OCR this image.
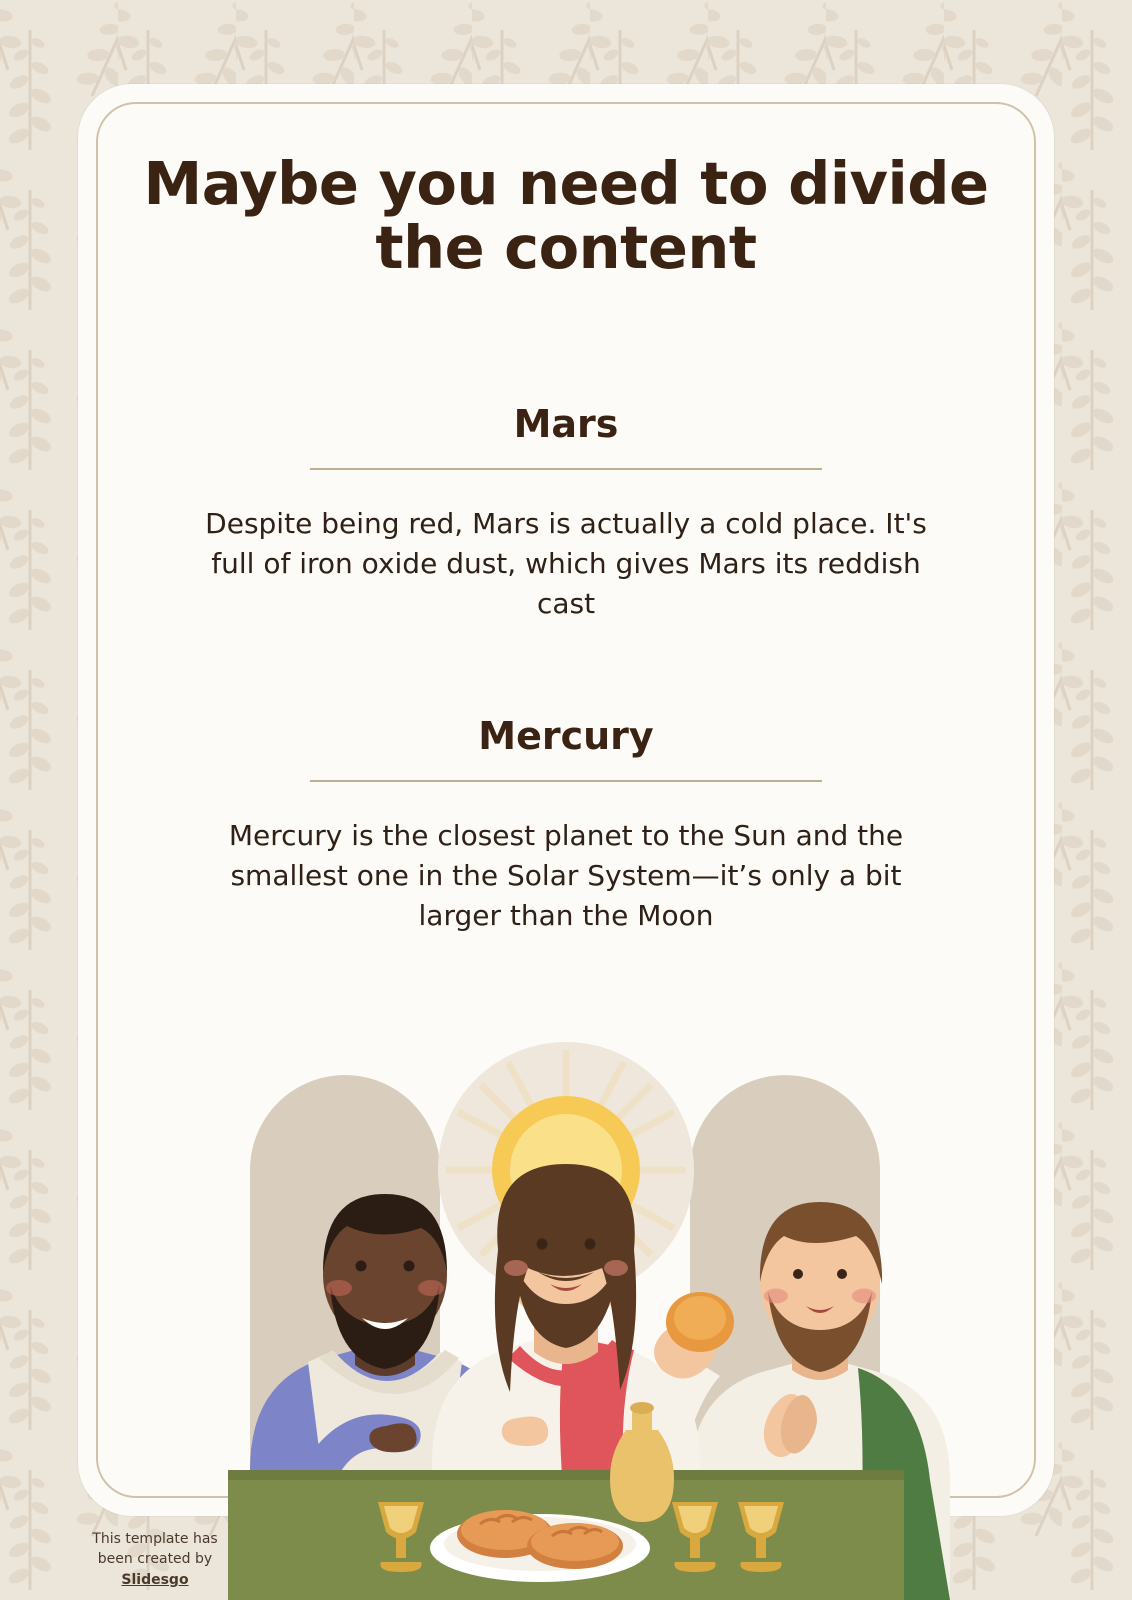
Maybe you need to divide the content
Mars
Despite being red, Mars is actually a cold place. It's full of iron oxide dust, which gives Mars its reddish cast
Mercury
Mercury is the closest planet to the Sun and the smallest one in the Solar System—it’s only a bit larger than the Moon
This template has
been created by
Slidesgo
